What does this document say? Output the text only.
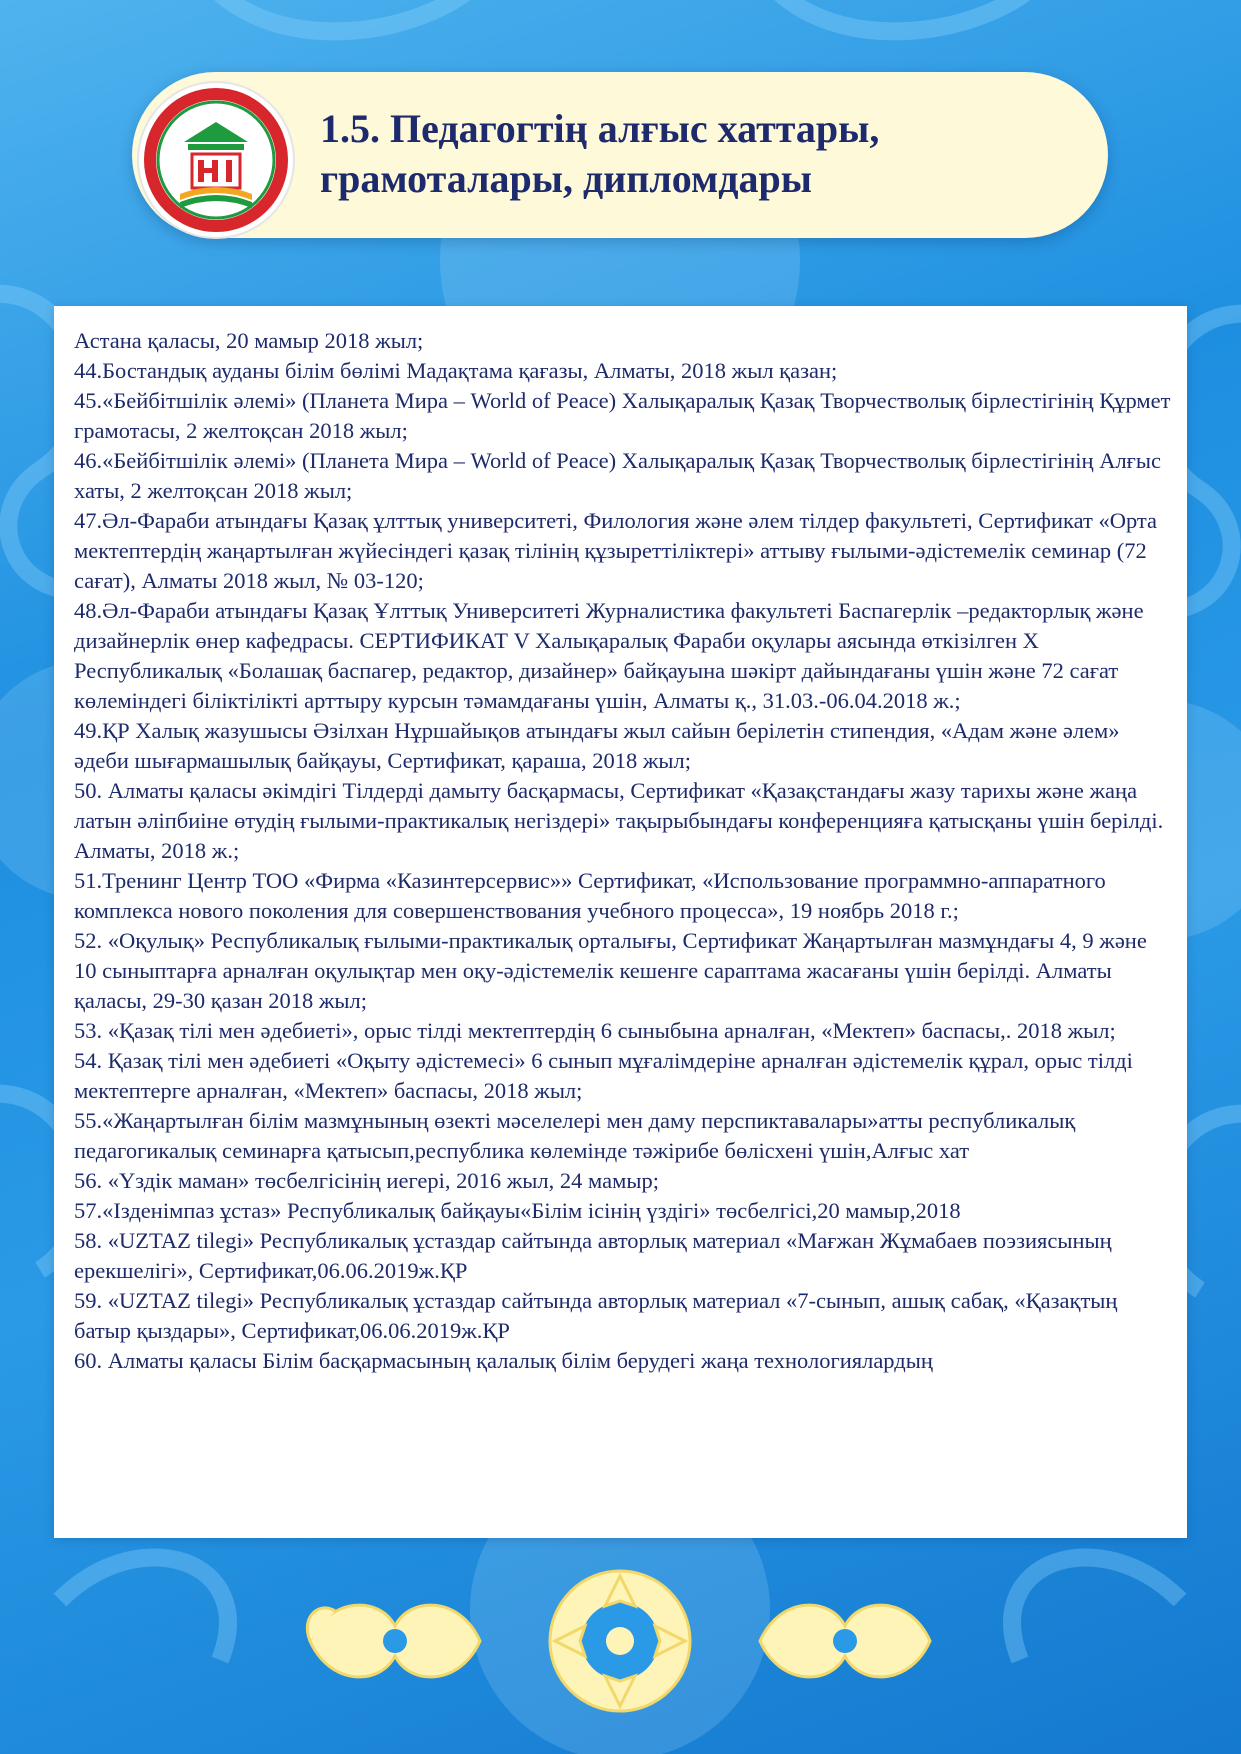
1.5. Педагогтің алғыс хаттары,
грамоталары, дипломдары
Астана қаласы, 20 мамыр 2018 жыл;
44.Бостандық ауданы білім бөлімі Мадақтама қағазы, Алматы, 2018 жыл қазан;
45.«Бейбітшілік әлемі» (Планета Мира – World of Peace) Халықаралық Қазақ Творчестволық бірлестігінің Құрмет грамотасы, 2 желтоқсан 2018 жыл;
46.«Бейбітшілік әлемі» (Планета Мира – World of Peace) Халықаралық Қазақ Творчестволық бірлестігінің Алғыс хаты, 2 желтоқсан 2018 жыл;
47.Әл-Фараби атындағы Қазақ ұлттық университеті, Филология және әлем тілдер факультеті, Сертификат «Орта мектептердің жаңартылған жүйесіндегі қазақ тілінің құзыреттіліктері» аттыву ғылыми-әдістемелік семинар (72 сағат), Алматы 2018 жыл, № 03-120;
48.Әл-Фараби атындағы Қазақ Ұлттық Университеті Журналистика факультеті Баспагерлік –редакторлық және дизайнерлік өнер кафедрасы. СЕРТИФИКАТ V Халықаралық Фараби оқулары аясында өткізілген X Республикалық «Болашақ баспагер, редактор, дизайнер» байқауына шәкірт дайындағаны үшін және 72 сағат көлеміндегі біліктілікті арттыру курсын тәмамдағаны үшін, Алматы қ., 31.03.-06.04.2018 ж.;
49.ҚР Халық жазушысы Әзілхан Нұршайықов атындағы жыл сайын берілетін стипендия, «Адам және әлем» әдеби шығармашылық байқауы, Сертификат, қараша, 2018 жыл;
50. Алматы қаласы әкімдігі Тілдерді дамыту басқармасы, Сертификат «Қазақстандағы жазу тарихы және жаңа латын әліпбиіне өтудің ғылыми-практикалық негіздері» тақырыбындағы конференцияға қатысқаны үшін берілді. Алматы, 2018 ж.;
51.Тренинг Центр ТОО «Фирма «Казинтерсервис»» Сертификат, «Использование программно-аппаратного комплекса нового поколения для совершенствования учебного процесса», 19 ноябрь 2018 г.;
52. «Оқулық» Республикалық ғылыми-практикалық орталығы, Сертификат Жаңартылған мазмұндағы 4, 9 және 10 сыныптарға арналған оқулықтар мен оқу-әдістемелік кешенге сараптама жасағаны үшін берілді. Алматы қаласы, 29-30 қазан 2018 жыл;
53. «Қазақ тілі мен әдебиеті», орыс тілді мектептердің 6 сыныбына арналған, «Мектеп» баспасы,. 2018 жыл;
54. Қазақ тілі мен әдебиеті «Оқыту әдістемесі» 6 сынып мұғалімдеріне арналған әдістемелік құрал, орыс тілді мектептерге арналған, «Мектеп» баспасы, 2018 жыл;
55.«Жаңартылған білім мазмұнының өзекті мәселелері мен даму перспиктавалары»атты республикалық педагогикалық семинарға қатысып,республика көлемінде тәжірибе бөлісхені үшін,Алғыс хат
56. «Үздік маман» төсбелгісінің иегері, 2016 жыл, 24 мамыр;
57.«Ізденімпаз ұстаз» Республикалық байқауы«Білім ісінің үздігі» төсбелгісі,20 мамыр,2018
58. «UZTAZ tilegi» Республикалық ұстаздар сайтында авторлық материал «Мағжан Жұмабаев поэзиясының ерекшелігі», Сертификат,06.06.2019ж.ҚР
59. «UZTAZ tilegi» Республикалық ұстаздар сайтында авторлық материал «7-сынып, ашық сабақ, «Қазақтың батыр қыздары», Сертификат,06.06.2019ж.ҚР
60. Алматы қаласы Білім басқармасының қалалық білім берудегі жаңа технологиялардың
